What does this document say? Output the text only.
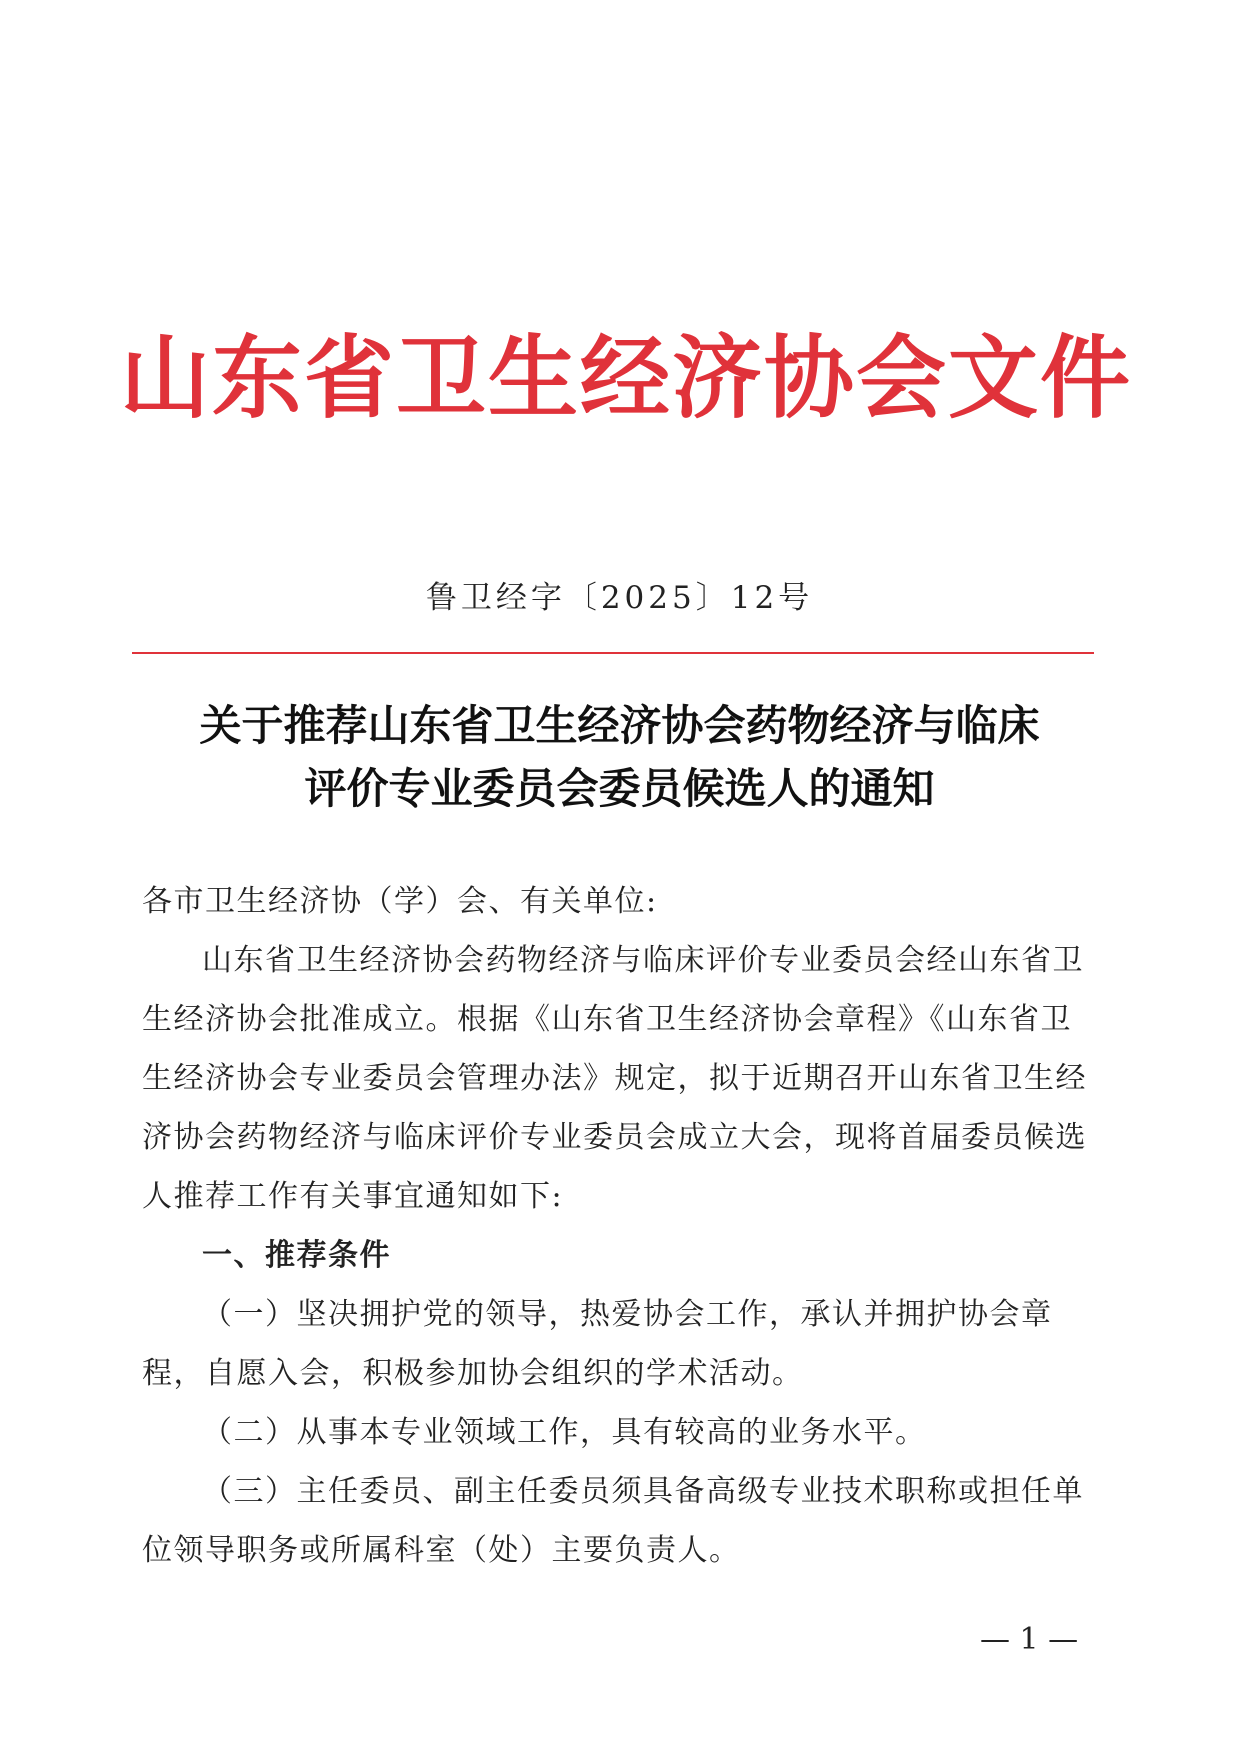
山东省卫生经济协会文件
鲁卫经字〔2025〕12号
关于推荐山东省卫生经济协会药物经济与临床
评价专业委员会委员候选人的通知

各市卫生经济协（学）会、有关单位:

山东省卫生经济协会药物经济与临床评价专业委员会经山东省卫生经济协会批准成立。根据《山东省卫生经济协会章程》《山东省卫生经济协会专业委员会管理办法》规定，拟于近期召开山东省卫生经济协会药物经济与临床评价专业委员会成立大会，现将首届委员候选人推荐工作有关事宜通知如下:

一、推荐条件

（一）坚决拥护党的领导，热爱协会工作，承认并拥护协会章程，自愿入会，积极参加协会组织的学术活动。

（二）从事本专业领域工作，具有较高的业务水平。

（三）主任委员、副主任委员须具备高级专业技术职称或担任单位领导职务或所属科室（处）主要负责人。

— 1 —
